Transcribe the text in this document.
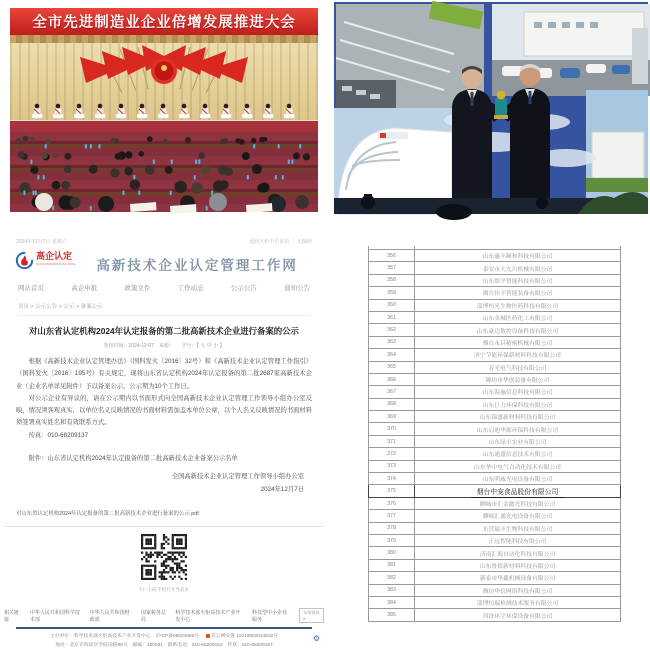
全市先进制造业企业倍增发展推进大会
2024年12月7日 星期六	返回火炬中心首页 ｜ 无障碍
高企认定
GAOQI RENDING FUWU WANG 高新技术企业认定管理工作网
网站首页	高企申报	政策文件	工作动态	公示公告	通知公告
首页 > 公示公告 > 公示 > 备案公示
对山东省认定机构2024年认定报备的第二批高新技术企业进行备案的公示
发布时间：2024-12-07　来源：　　字号：【 大 中 小 】

根据《高新技术企业认定管理办法》（国科发火〔2016〕32号）和《高新技术企业认定管理工作指引》（国科发火〔2016〕195号）有关规定，现将山东省认定机构2024年认定报备的第二批2687家高新技术企业（企业名单详见附件）予以备案公示，公示期为10个工作日。

对公示企业有异议的，请在公示期内以书面形式向全国高新技术企业认定管理工作领导小组办公室反映，情况须客观真实，以单位名义反映情况的书面材料需加盖本单位公章，以个人名义反映情况的书面材料须签署真实姓名和有效联系方式。

传真：010-68209137

附件：山东省认定机构2024年认定报备的第二批高新技术企业备案公示名单
全国高新技术企业认定管理工作领导小组办公室
2024年12月7日
对山东省认定机构2024年认定报备的第二批高新技术企业进行备案的公示.pdf
扫一扫在手机打开当前页
相关链接
中华人民共和国科学技术部
中华人民共和国财政部
国家税务总局
科学技术部火炬高技术产业开发中心
科技型中小企业服务
友情链接 ▾
⚙
主办单位：科学技术部火炬高技术产业开发中心　京ICP备05034685号　京公网安备 11010802034632号
地址：北京市海淀区学院南路86号　邮编：100081　联系电话：010-68209152　传真：010-68209157

356	山东惠丰颐和科技有限公司
357	泰安市大九川机械有限公司
358	山东维平智能科技有限公司
359	烟台伟丰智能装备有限公司
360	淄博恒光生物医药科技有限公司
361	山东金城医药化工有限公司
362	山东豪迈数控设备科技有限公司
363	烟台永昌精密机械有限公司
364	济宁节能环保新材料科技有限公司
365	春光电气科技有限公司
366	潍坊市华创装备有限公司
367	山东海惠信息科技有限公司
368	山东巨力环保科技有限公司
369	山东锦盛新材料科技有限公司
370	山东启迪华源环保科技有限公司
371	山东绿丰实业有限公司
372	山东通盛信息技术有限公司
373	山东华中电气自动化技术有限公司
374	山东明威光电设备有限公司
375	烟台中宠食品股份有限公司
376	聊城市汇金激光科技有限公司
377	聊城汇通光电设备有限公司
378	东营瑞丰生物科技有限公司
379	正远智能科技有限公司
380	济南汇海自动化科技有限公司
381	山东鲁银新材料科技有限公司
382	新泰市华鑫机械设备有限公司
383	潍坊华信网络科技有限公司
384	淄博恒瑞检测技术服务有限公司
385	菏泽环宇环保设备有限公司
